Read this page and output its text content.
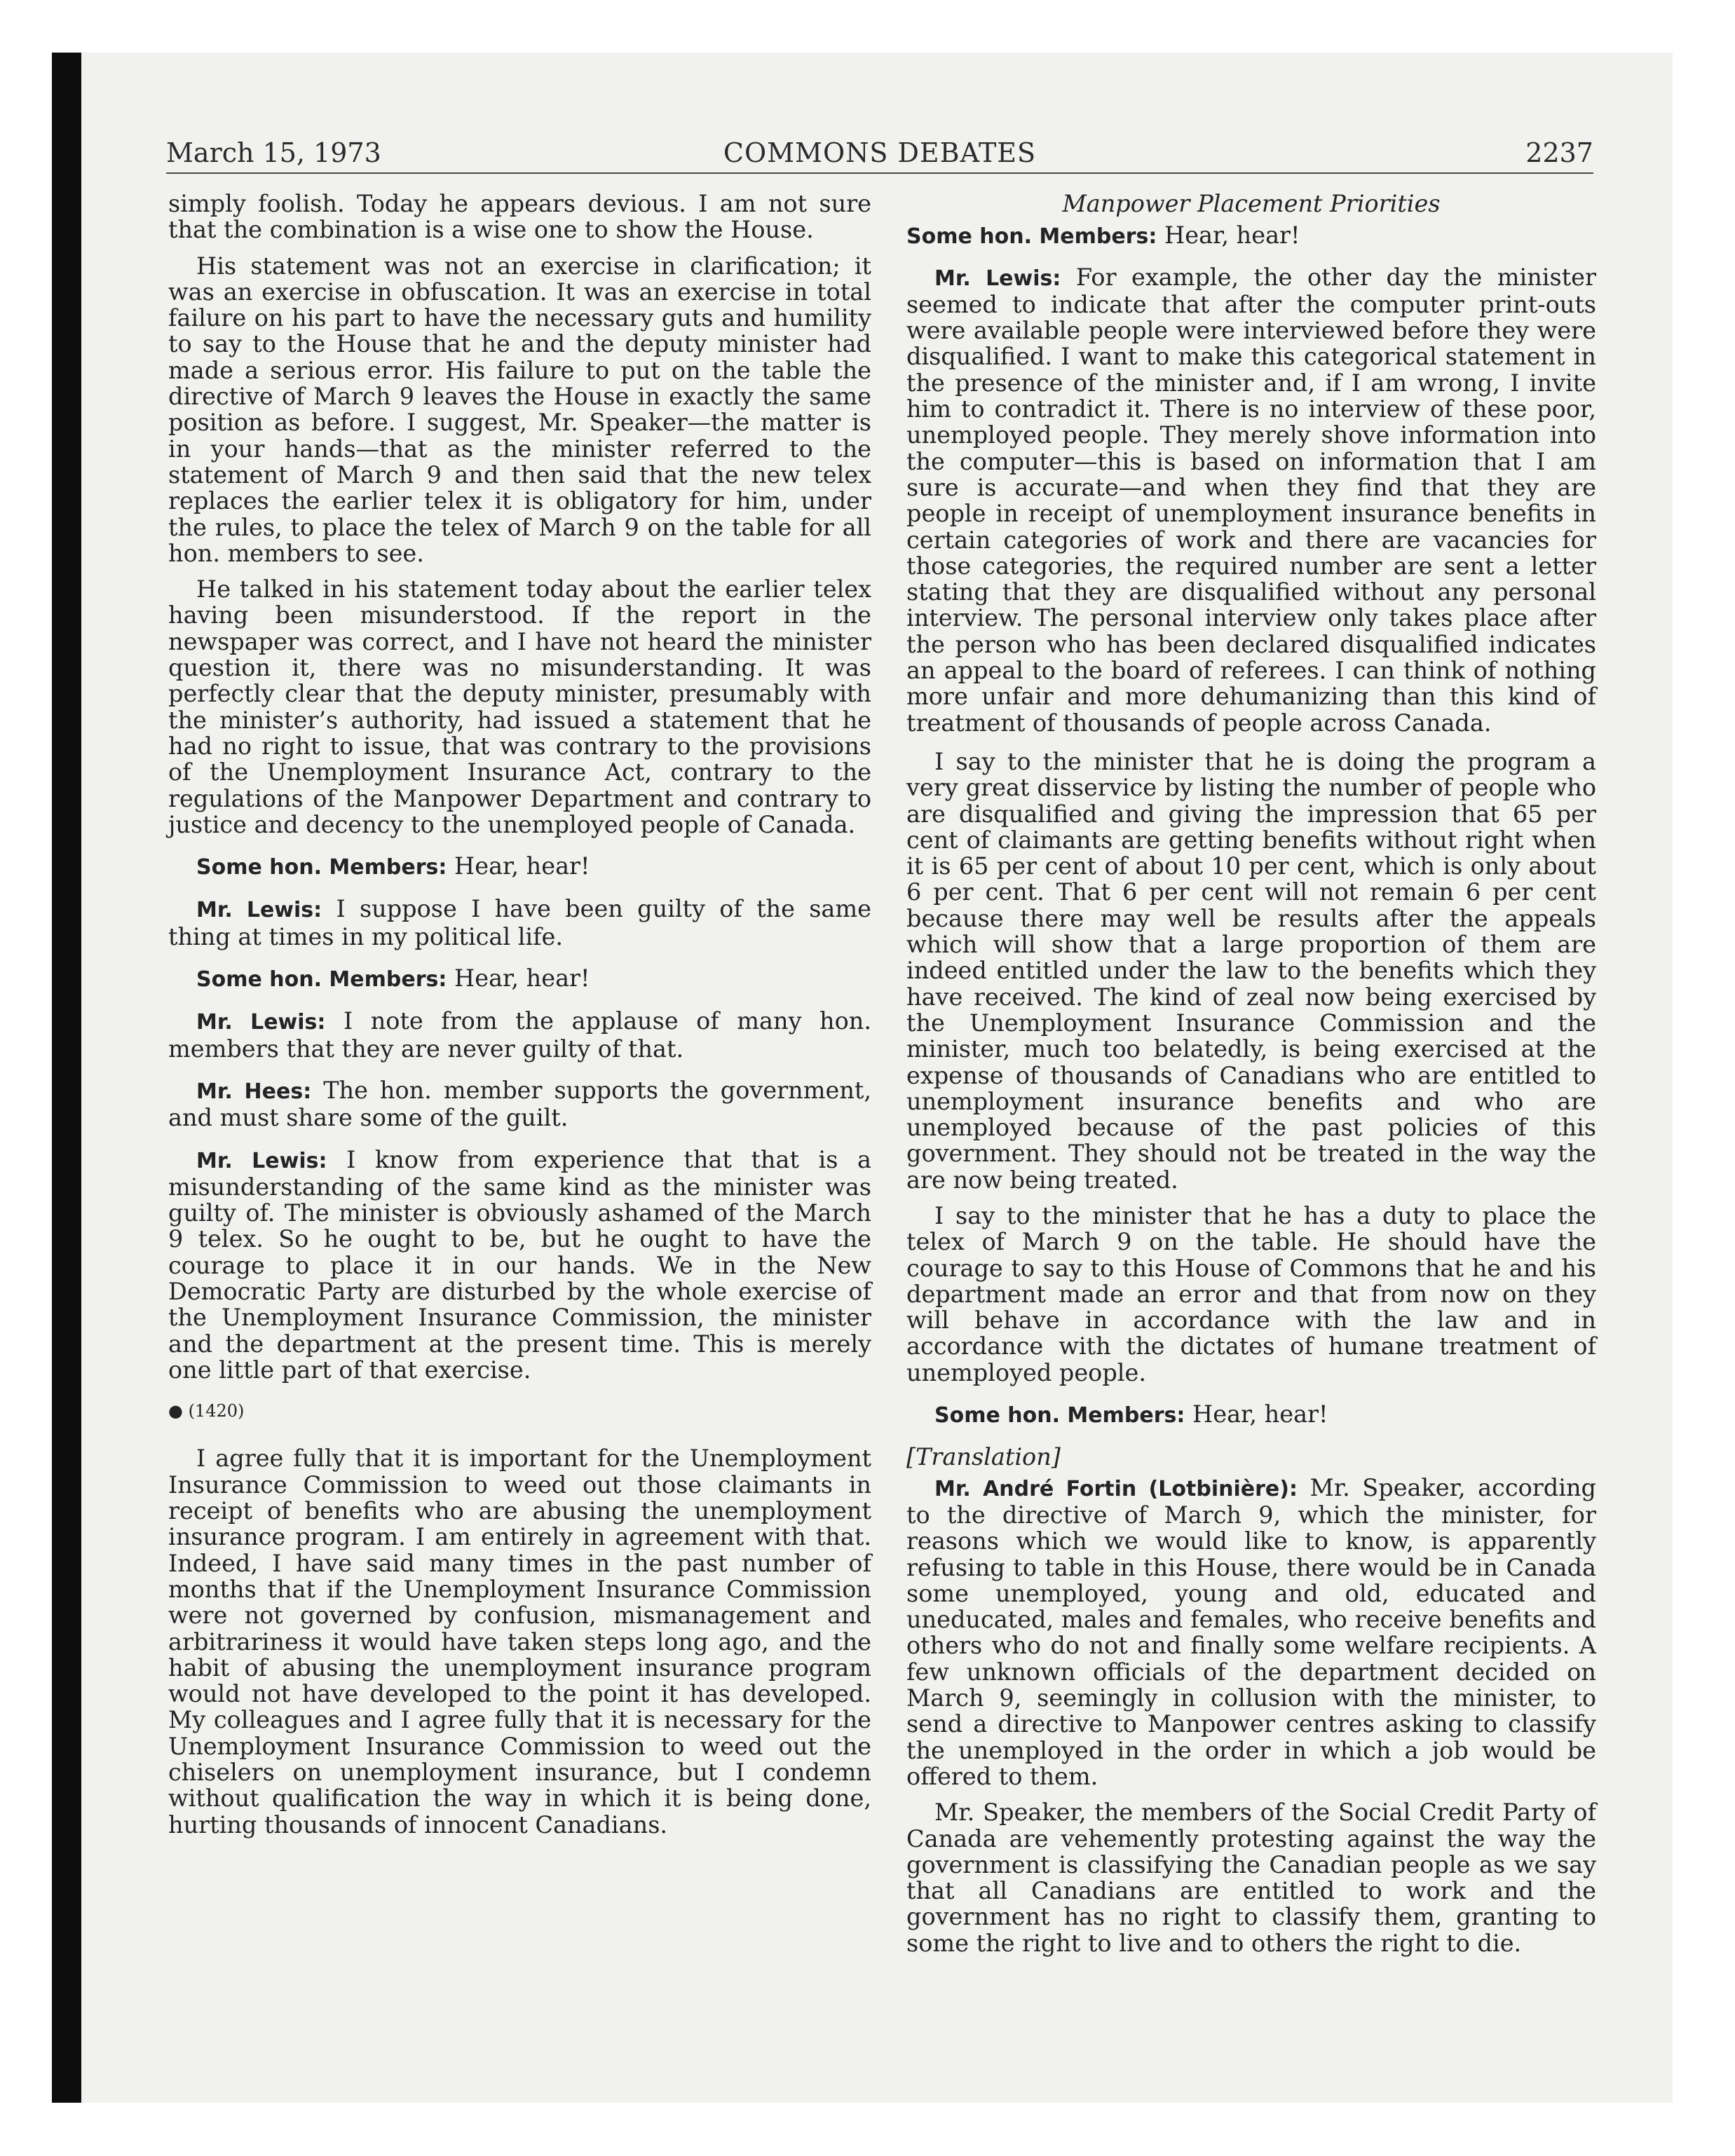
March 15, 1973	COMMONS DEBATES	2237

simply foolish. Today he appears devious. I am not sure that the combination is a wise one to show the House.

His statement was not an exercise in clarification; it was an exercise in obfuscation. It was an exercise in total failure on his part to have the necessary guts and humility to say to the House that he and the deputy minister had made a serious error. His failure to put on the table the directive of March 9 leaves the House in exactly the same position as before. I suggest, Mr. Speaker—the matter is in your hands—that as the minister referred to the statement of March 9 and then said that the new telex replaces the earlier telex it is obligatory for him, under the rules, to place the telex of March 9 on the table for all hon. members to see.

He talked in his statement today about the earlier telex having been misunderstood. If the report in the newspaper was correct, and I have not heard the minister question it, there was no misunderstanding. It was perfectly clear that the deputy minister, presumably with the minister’s authority, had issued a statement that he had no right to issue, that was contrary to the provisions of the Unemployment Insurance Act, contrary to the regulations of the Manpower Department and contrary to justice and decency to the unemployed people of Canada.

Some hon. Members: Hear, hear!

Mr. Lewis: I suppose I have been guilty of the same thing at times in my political life.

Some hon. Members: Hear, hear!

Mr. Lewis: I note from the applause of many hon. members that they are never guilty of that.

Mr. Hees: The hon. member supports the government, and must share some of the guilt.

Mr. Lewis: I know from experience that that is a misunderstanding of the same kind as the minister was guilty of. The minister is obviously ashamed of the March 9 telex. So he ought to be, but he ought to have the courage to place it in our hands. We in the New Democratic Party are disturbed by the whole exercise of the Unemployment Insurance Commission, the minister and the department at the present time. This is merely one little part of that exercise.

● (1420)

I agree fully that it is important for the Unemployment Insurance Commission to weed out those claimants in receipt of benefits who are abusing the unemployment insurance program. I am entirely in agreement with that. Indeed, I have said many times in the past number of months that if the Unemployment Insurance Commission were not governed by confusion, mismanagement and arbitrariness it would have taken steps long ago, and the habit of abusing the unemployment insurance program would not have developed to the point it has developed. My colleagues and I agree fully that it is necessary for the Unemployment Insurance Commission to weed out the chiselers on unemployment insurance, but I condemn without qualification the way in which it is being done, hurting thousands of innocent Canadians.

Manpower Placement Priorities

Some hon. Members: Hear, hear!

Mr. Lewis: For example, the other day the minister seemed to indicate that after the computer print-outs were available people were interviewed before they were disqualified. I want to make this categorical statement in the presence of the minister and, if I am wrong, I invite him to contradict it. There is no interview of these poor, unemployed people. They merely shove information into the computer—this is based on information that I am sure is accurate—and when they find that they are people in receipt of unemployment insurance benefits in certain categories of work and there are vacancies for those categories, the required number are sent a letter stating that they are disqualified without any personal interview. The personal interview only takes place after the person who has been declared disqualified indicates an appeal to the board of referees. I can think of nothing more unfair and more dehumanizing than this kind of treatment of thousands of people across Canada.

I say to the minister that he is doing the program a very great disservice by listing the number of people who are disqualified and giving the impression that 65 per cent of claimants are getting benefits without right when it is 65 per cent of about 10 per cent, which is only about 6 per cent. That 6 per cent will not remain 6 per cent because there may well be results after the appeals which will show that a large proportion of them are indeed entitled under the law to the benefits which they have received. The kind of zeal now being exercised by the Unemployment Insurance Commission and the minister, much too belatedly, is being exercised at the expense of thousands of Canadians who are entitled to unemployment insurance benefits and who are unemployed because of the past policies of this government. They should not be treated in the way the are now being treated.

I say to the minister that he has a duty to place the telex of March 9 on the table. He should have the courage to say to this House of Commons that he and his department made an error and that from now on they will behave in accordance with the law and in accordance with the dictates of humane treatment of unemployed people.

Some hon. Members: Hear, hear!

[Translation]

Mr. André Fortin (Lotbinière): Mr. Speaker, according to the directive of March 9, which the minister, for reasons which we would like to know, is apparently refusing to table in this House, there would be in Canada some unemployed, young and old, educated and uneducated, males and females, who receive benefits and others who do not and finally some welfare recipients. A few unknown officials of the department decided on March 9, seemingly in collusion with the minister, to send a directive to Manpower centres asking to classify the unemployed in the order in which a job would be offered to them.

Mr. Speaker, the members of the Social Credit Party of Canada are vehemently protesting against the way the government is classifying the Canadian people as we say that all Canadians are entitled to work and the government has no right to classify them, granting to some the right to live and to others the right to die.
